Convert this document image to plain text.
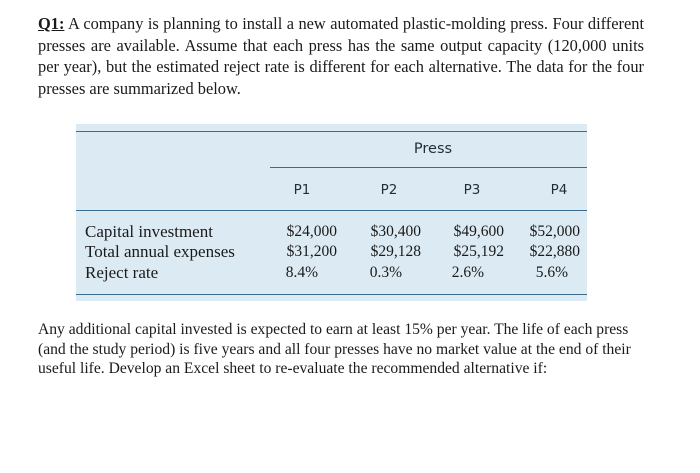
Q1: A company is planning to install a new automated plastic-molding press. Four different presses are available. Assume that each press has the same output capacity (120,000 units per year), but the estimated reject rate is different for each alternative. The data for the four presses are summarized below.

Press
P1	P2	P3	P4
Capital investment	$24,000	$30,400	$49,600	$52,000
Total annual expenses	$31,200	$29,128	$25,192	$22,880
Reject rate	8.4%	0.3%	2.6%	5.6%

Any additional capital invested is expected to earn at least 15% per year. The life of each press (and the study period) is five years and all four presses have no market value at the end of their useful life. Develop an Excel sheet to re-evaluate the recommended alternative if:
